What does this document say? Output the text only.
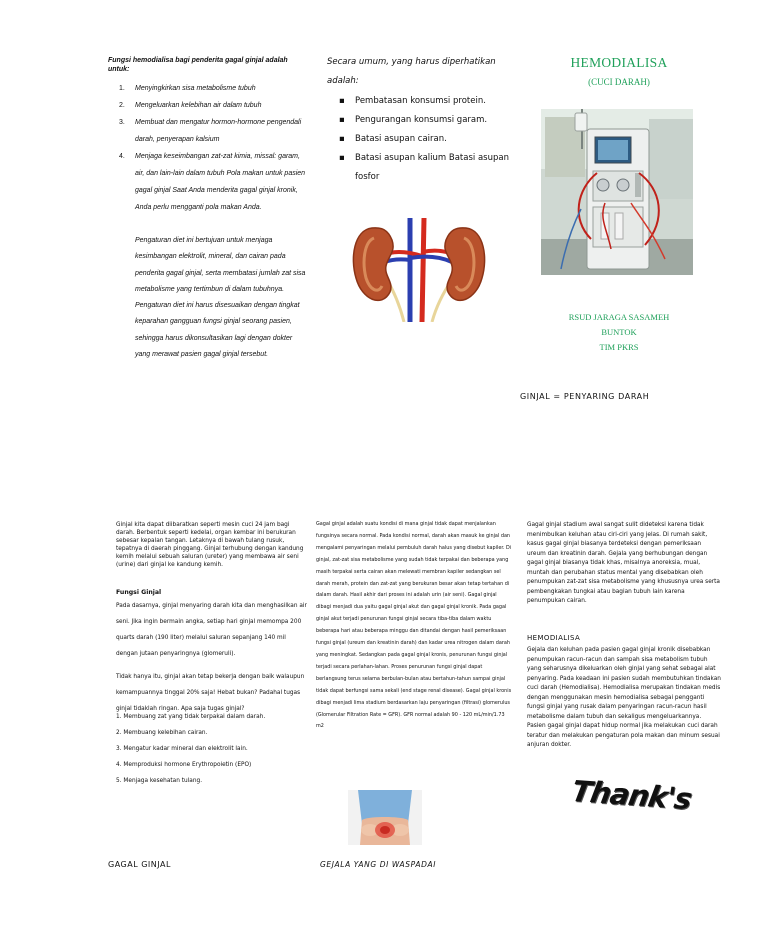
Fungsi hemodialisa bagi penderita gagal ginjal adalah untuk:
1. Menyingkirkan sisa metabolisme tubuh
2. Mengeluarkan kelebihan air dalam tubuh
3. Membuat dan mengatur hormon-hormone pengendali darah, penyerapan kalsium
4. Menjaga keseimbangan zat-zat kimia, missal: garam, air, dan lain-lain dalam tubuh Pola makan untuk pasien gagal ginjal Saat Anda menderita gagal ginjal kronik, Anda perlu mengganti pola makan Anda.

Pengaturan diet ini bertujuan untuk menjaga kesimbangan elektrolit, mineral, dan cairan pada penderita gagal ginjal, serta membatasi jumlah zat sisa metabolisme yang tertimbun di dalam tubuhnya. Pengaturan diet ini harus disesuaikan dengan tingkat keparahan gangguan fungsi ginjal seorang pasien, sehingga harus dikonsultasikan lagi dengan dokter yang merawat pasien gagal ginjal tersebut.

Secara umum, yang harus diperhatikan adalah:

▪ Pembatasan konsumsi protein.
▪ Pengurangan konsumsi garam.
▪ Batasi asupan cairan.
▪ Batasi asupan kalium Batasi asupan fosfor
HEMODIALISA
(CUCI DARAH)
RSUD JARAGA SASAMEH
BUNTOK
TIM PKRS
GINJAL = PENYARING DARAH

Ginjal kita dapat diibaratkan seperti mesin cuci 24 jam bagi darah. Berbentuk seperti kedelai, organ kembar ini berukuran sebesar kepalan tangan. Letaknya di bawah tulang rusuk, tepatnya di daerah pinggang. Ginjal terhubung dengan kandung kemih melalui sebuah saluran (ureter) yang membawa air seni (urine) dari ginjal ke kandung kemih.

Fungsi Ginjal

Pada dasarnya, ginjal menyaring darah kita dan menghasilkan air seni. Jika ingin bermain angka, setiap hari ginjal memompa 200 quarts darah (190 liter) melalui saluran sepanjang 140 mil dengan jutaan penyaringnya (glomeruli).

Tidak hanya itu, ginjal akan tetap bekerja dengan baik walaupun kemampuannya tinggal 20% saja! Hebat bukan? Padahal tugas ginjal tidaklah ringan. Apa saja tugas ginjal?

1. Membuang zat yang tidak terpakai dalam darah.
2. Membuang kelebihan cairan.
3. Mengatur kadar mineral dan elektrolit lain.
4. Memproduksi hormone Erythropoietin (EPO)
5. Menjaga kesehatan tulang.

Gagal ginjal adalah suatu kondisi di mana ginjal tidak dapat menjalankan fungsinya secara normal. Pada kondisi normal, darah akan masuk ke ginjal dan mengalami penyaringan melalui pembuluh darah halus yang disebut kapiler. Di ginjal, zat-zat sisa metabolisme yang sudah tidak terpakai dan beberapa yang masih terpakai serta cairan akan melewati membran kapiler sedangkan sel darah merah, protein dan zat-zat yang berukuran besar akan tetap tertahan di dalam darah. Hasil akhir dari proses ini adalah urin (air seni). Gagal ginjal dibagi menjadi dua yaitu gagal ginjal akut dan gagal ginjal kronik. Pada gagal ginjal akut terjadi penurunan fungsi ginjal secara tiba-tiba dalam waktu beberapa hari atau beberapa minggu dan ditandai dengan hasil pemeriksaan fungsi ginjal (ureum dan kreatinin darah) dan kadar urea nitrogen dalam darah yang meningkat. Sedangkan pada gagal ginjal kronis, penurunan fungsi ginjal terjadi secara perlahan-lahan. Proses penurunan fungsi ginjal dapat berlangsung terus selama berbulan-bulan atau bertahun-tahun sampai ginjal tidak dapat berfungsi sama sekali (end stage renal disease). Gagal ginjal kronis dibagi menjadi lima stadium berdasarkan laju penyaringan (filtrasi) glomerulus (Glomerular Filtration Rate = GFR). GFR normal adalah 90 - 120 mL/min/1.73 m2

Gagal ginjal stadium awal sangat sulit dideteksi karena tidak menimbulkan keluhan atau ciri-ciri yang jelas. Di rumah sakit, kasus gagal ginjal biasanya terdeteksi dengan pemeriksaan ureum dan kreatinin darah. Gejala yang berhubungan dengan gagal ginjal biasanya tidak khas, misalnya anoreksia, mual, muntah dan perubahan status mental yang disebabkan oleh penumpukan zat-zat sisa metabolisme yang khususnya urea serta pembengkakan tungkai atau bagian tubuh lain karena penumpukan cairan.

HEMODIALISA

Gejala dan keluhan pada pasien gagal ginjal kronik disebabkan penumpukan racun-racun dan sampah sisa metabolism tubuh yang seharusnya dikeluarkan oleh ginjal yang sehat sebagai alat penyaring. Pada keadaan ini pasien sudah membutuhkan tindakan cuci darah (Hemodialisa). Hemodialisa merupakan tindakan medis dengan menggunakan mesin hemodialisa sebagai pengganti fungsi ginjal yang rusak dalam penyaringan racun-racun hasil metabolisme dalam tubuh dan sekaligus mengeluarkannya. Pasien gagal ginjal dapat hidup normal jika melakukan cuci darah teratur dan melakukan pengaturan pola makan dan minum sesuai anjuran dokter.

Thank's
GAGAL GINJAL	GEJALA YANG DI WASPADAI
